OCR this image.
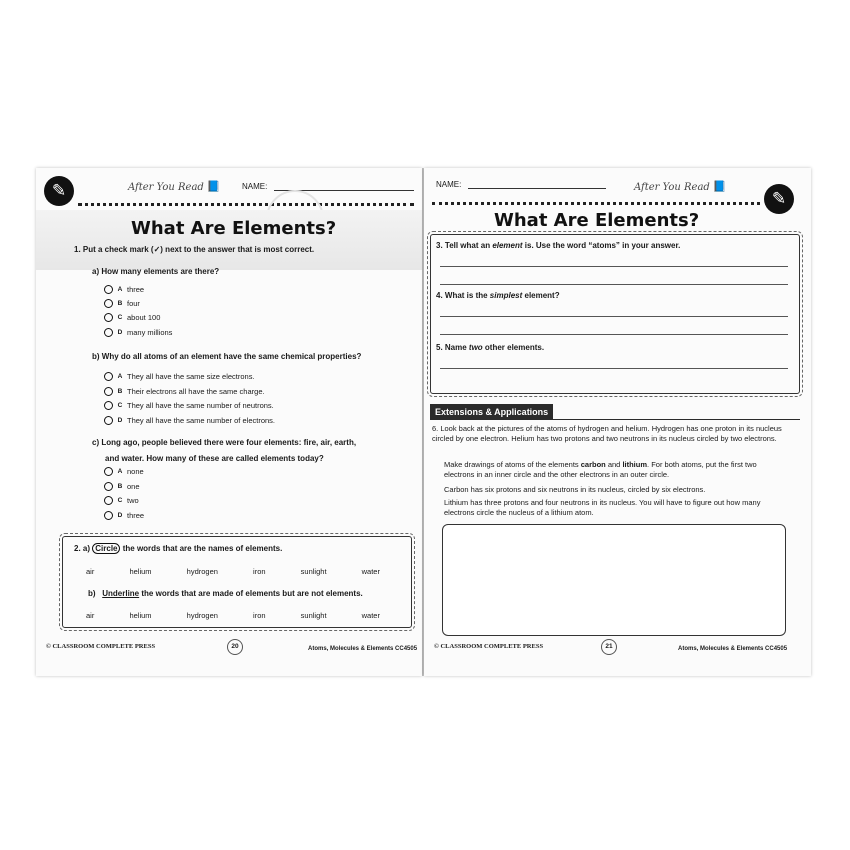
✎	After You Read 📘	NAME:
What Are Elements?
1. Put a check mark (✓) next to the answer that is most correct.
a) How many elements are there?
A three
B four
C about 100
D many millions
b) Why do all atoms of an element have the same chemical properties?
A They all have the same size electrons.
B Their electrons all have the same charge.
C They all have the same number of neutrons.
D They all have the same number of electrons.
c) Long ago, people believed there were four elements: fire, air, earth,
and water. How many of these are called elements today?
A none
B one
C two
D three
2. a) Circle the words that are the names of elements.
air	helium	hydrogen	iron	sunlight	water
b) Underline the words that are made of elements but are not elements.
air	helium	hydrogen	iron	sunlight	water
© CLASSROOM COMPLETE PRESS	20	Atoms, Molecules & Elements CC4505
NAME:	After You Read 📘
✎
What Are Elements?
3. Tell what an element is. Use the word “atoms” in your answer.
4. What is the simplest element?
5. Name two other elements.
Extensions & Applications
6. Look back at the pictures of the atoms of hydrogen and helium. Hydrogen has one proton in its nucleus circled by one electron. Helium has two protons and two neutrons in its nucleus circled by two electrons.
Make drawings of atoms of the elements carbon and lithium. For both atoms, put the first two electrons in an inner circle and the other electrons in an outer circle.
Carbon has six protons and six neutrons in its nucleus, circled by six electrons.
Lithium has three protons and four neutrons in its nucleus. You will have to figure out how many electrons circle the nucleus of a lithium atom.
© CLASSROOM COMPLETE PRESS	21	Atoms, Molecules & Elements CC4505
